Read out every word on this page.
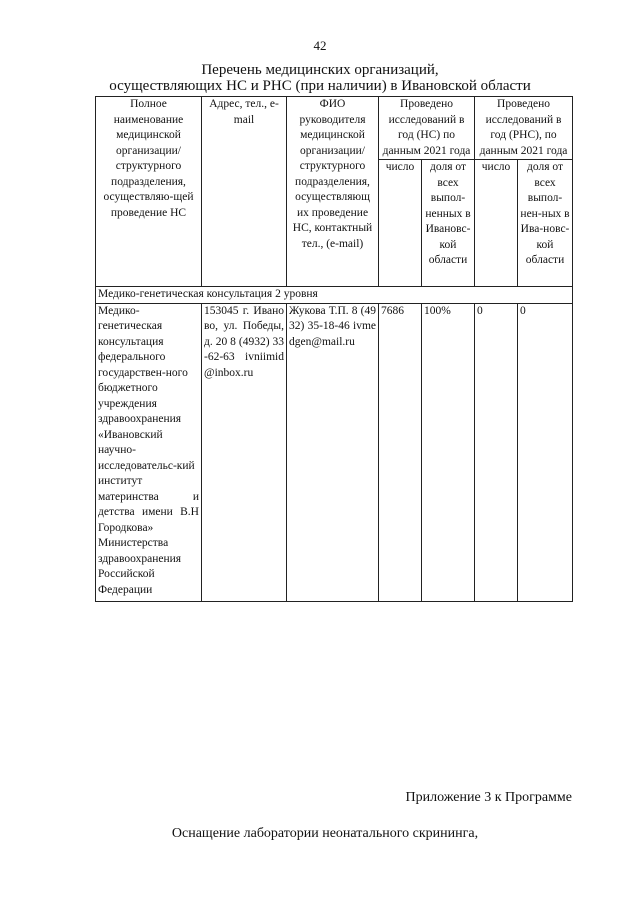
42
Перечень медицинских организаций,
осуществляющих НС и РНС (при наличии) в Ивановской области
Полное наименование медицинской организации/ структурного подразделения, осуществляю-щей проведение НС	Адрес, тел., e-mail	ФИО руководителя медицинской организации/ структурного подразделения, осуществляющ их проведение НС, контактный тел., (e-mail)	Проведено исследований в год (НС) по данным 2021 года		Проведено исследований в год (РНС), по данным 2021 года	
			число	доля от всех выпол-ненных в Ивановс-кой области	число	доля от всех выпол-нен-ных в Ива-новс-кой области
Медико-генетическая консультация 2 уровня						
Медико-генетическая консультация федерального государствен-ного бюджетного учреждения здравоохранения «Ивановский научно-исследовательс-кий институт материнства и детства имени В.Н Городкова» Министерства здравоохранения Российской Федерации	153045 г. Иваново, ул. Победы, д. 20 8 (4932) 33-62-63 ivniimid@inbox.ru	Жукова Т.П. 8 (4932) 35-18-46 ivmedgen@mail.ru	7686	100%	0	0
Приложение 3 к Программе
Оснащение лаборатории неонатального скрининга,
